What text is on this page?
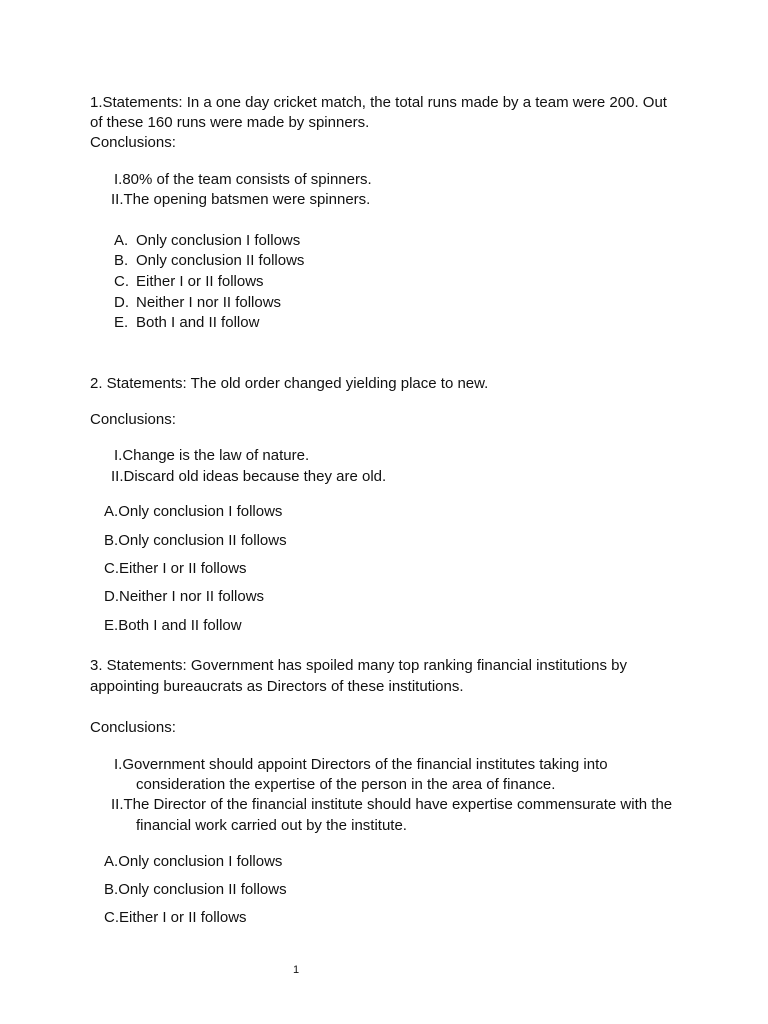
1.Statements: In a one day cricket match, the total runs made by a team were 200. Out
of these 160 runs were made by spinners.
Conclusions:
I.80% of the team consists of spinners.
II.The opening batsmen were spinners.
A. Only conclusion I follows
B. Only conclusion II follows
C. Either I or II follows
D. Neither I nor II follows
E. Both I and II follow
2. Statements: The old order changed yielding place to new.
Conclusions:
I.Change is the law of nature.
II.Discard old ideas because they are old.
A.Only conclusion I follows
B.Only conclusion II follows
C.Either I or II follows
D.Neither I nor II follows
E.Both I and II follow
3. Statements: Government has spoiled many top ranking financial institutions by
appointing bureaucrats as Directors of these institutions.
Conclusions:
I.Government should appoint Directors of the financial institutes taking into
consideration the expertise of the person in the area of finance.
II.The Director of the financial institute should have expertise commensurate with the
financial work carried out by the institute.
A.Only conclusion I follows
B.Only conclusion II follows
C.Either I or II follows
1
